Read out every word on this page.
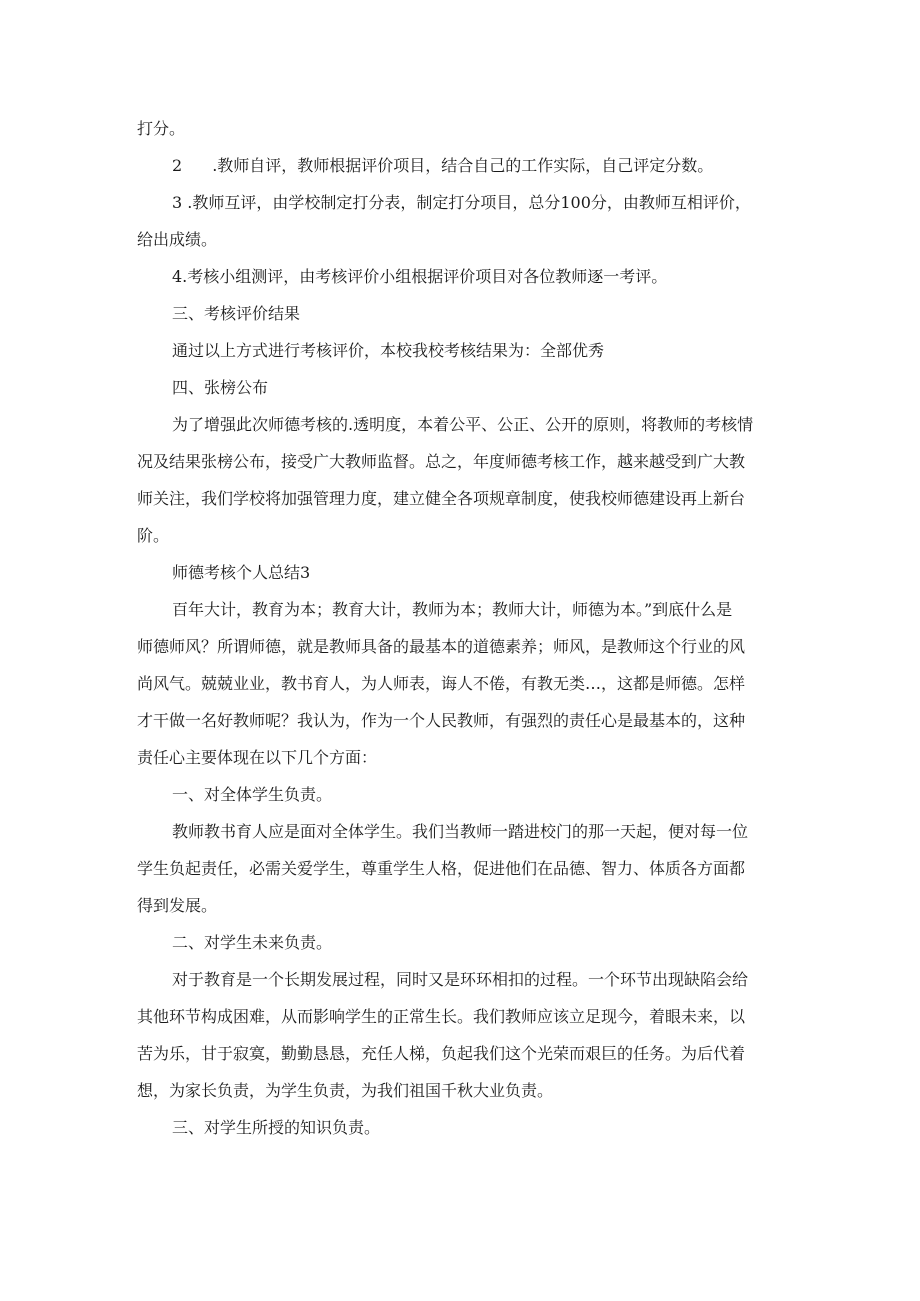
打分。

2 .教师自评，教师根据评价项目，结合自己的工作实际，自己评定分数。

3 .教师互评，由学校制定打分表，制定打分项目，总分100分，由教师互相评价，

给出成绩。

4.考核小组测评，由考核评价小组根据评价项目对各位教师逐一考评。

三、考核评价结果

通过以上方式进行考核评价，本校我校考核结果为：全部优秀

四、张榜公布

为了增强此次师德考核的.透明度，本着公平、公正、公开的原则，将教师的考核情

况及结果张榜公布，接受广大教师监督。总之，年度师德考核工作，越来越受到广大教

师关注，我们学校将加强管理力度，建立健全各项规章制度，使我校师德建设再上新台

阶。

师德考核个人总结3

百年大计，教育为本；教育大计，教师为本；教师大计，师德为本。”到底什么是

师德师风？所谓师德，就是教师具备的最基本的道德素养；师风，是教师这个行业的风

尚风气。兢兢业业，教书育人，为人师表，诲人不倦，有教无类…，这都是师德。怎样

才干做一名好教师呢？我认为，作为一个人民教师，有强烈的责任心是最基本的，这种

责任心主要体现在以下几个方面：

一、对全体学生负责。

教师教书育人应是面对全体学生。我们当教师一踏进校门的那一天起，便对每一位

学生负起责任，必需关爱学生，尊重学生人格，促进他们在品德、智力、体质各方面都

得到发展。

二、对学生未来负责。

对于教育是一个长期发展过程，同时又是环环相扣的过程。一个环节出现缺陷会给

其他环节构成困难，从而影响学生的正常生长。我们教师应该立足现今，着眼未来，以

苦为乐，甘于寂寞，勤勤恳恳，充任人梯，负起我们这个光荣而艰巨的任务。为后代着

想，为家长负责，为学生负责，为我们祖国千秋大业负责。

三、对学生所授的知识负责。
